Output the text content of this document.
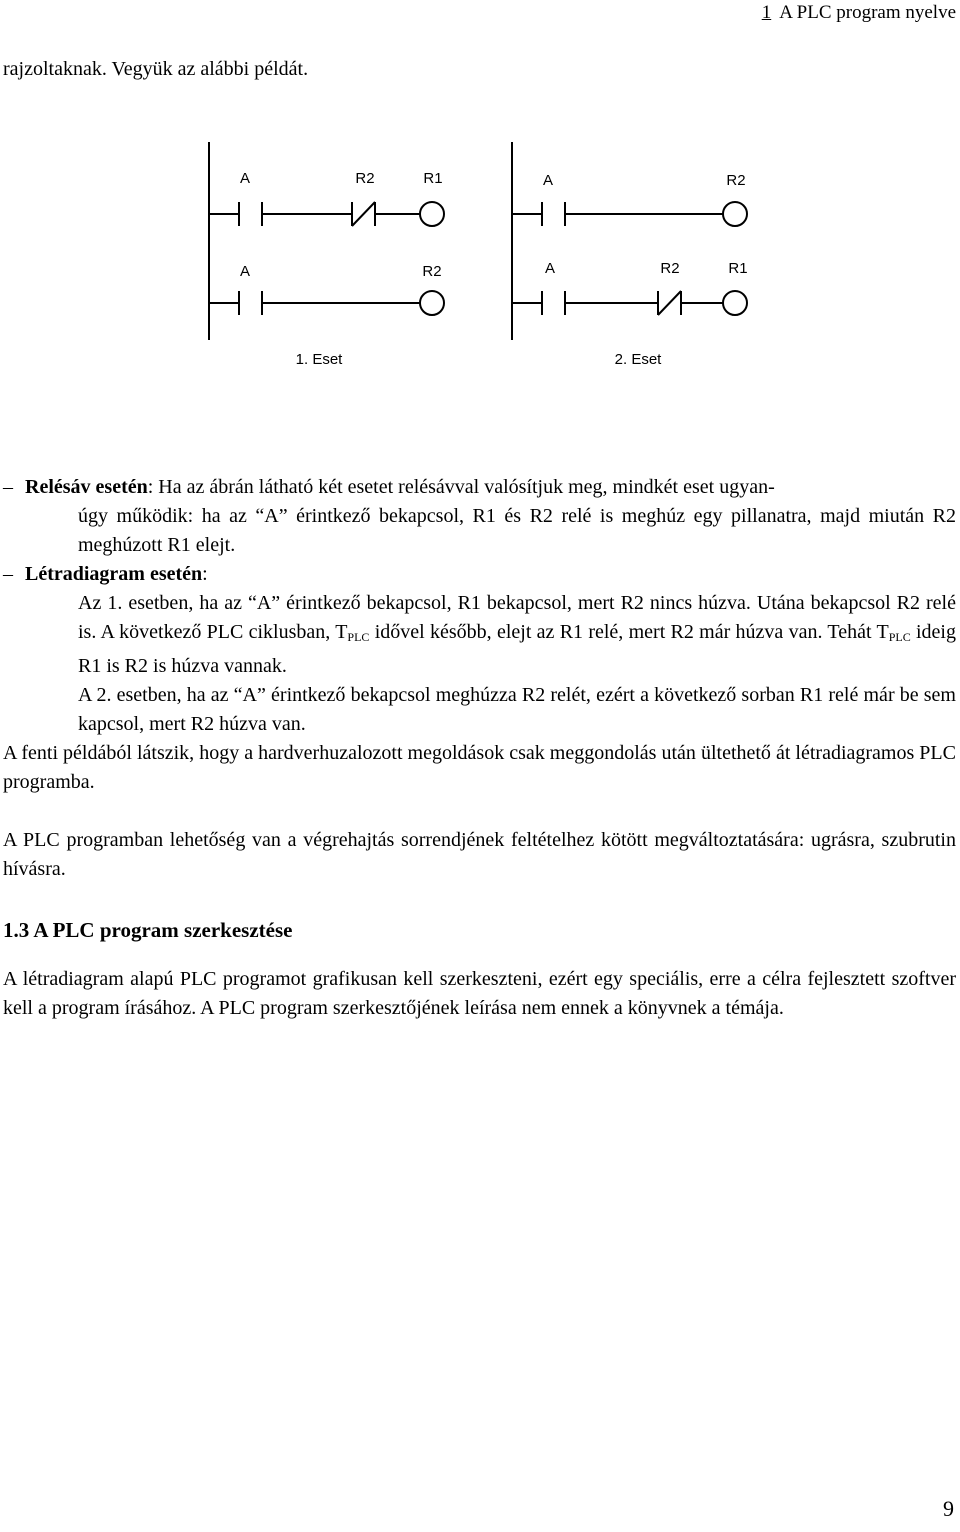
1 A PLC program nyelve
rajzoltaknak. Vegyük az alábbi példát.
A	R2	R1
A	R2
A	R2
A	R2	R1
1. Eset	2. Eset
– Relésáv esetén: Ha az ábrán látható két esetet relésávval valósítjuk meg, mindkét eset ugyan-
úgy működik: ha az “A” érintkező bekapcsol, R1 és R2 relé is meghúz egy pillanatra, majd miután R2 meghúzott R1 elejt.
– Létradiagram esetén:
Az 1. esetben, ha az “A” érintkező bekapcsol, R1 bekapcsol, mert R2 nincs húzva. Utána bekapcsol R2 relé is. A következő PLC ciklusban, $T_{PLC}$ idővel később, elejt az R1 relé, mert R2 már húzva van. Tehát $T_{PLC}$ ideig R1 is R2 is húzva vannak.
A 2. esetben, ha az “A” érintkező bekapcsol meghúzza R2 relét, ezért a következő sorban R1 relé már be sem kapcsol, mert R2 húzva van.
A fenti példából látszik, hogy a hardverhuzalozott megoldások csak meggondolás után ültethető át létradiagramos PLC programba.
A PLC programban lehetőség van a végrehajtás sorrendjének feltételhez kötött megváltoztatására: ugrásra, szubrutin hívásra.
1.3 A PLC program szerkesztése
A létradiagram alapú PLC programot grafikusan kell szerkeszteni, ezért egy speciális, erre a célra fejlesztett szoftver kell a program írásához. A PLC program szerkesztőjének leírása nem ennek a könyvnek a témája.
9
